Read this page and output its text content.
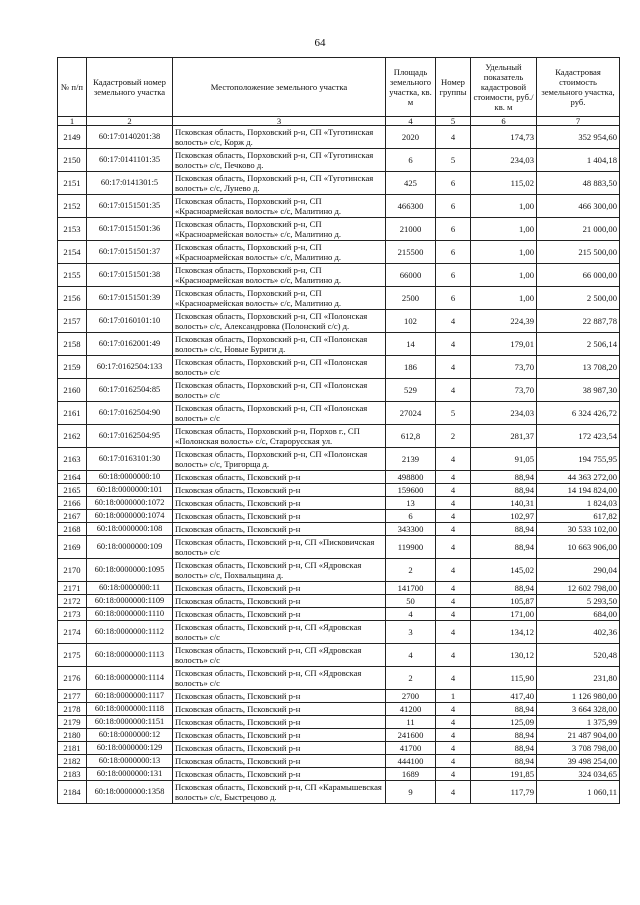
64
№ п/п	Кадастровый номер земельного участка	Местоположение земельного участка	Площадь земельного участка, кв. м	Номер группы	Удельный показатель кадастровой стоимости, руб./кв. м	Кадастровая стоимость земельного участка, руб.
1	2	3	4	5	6	7
2149	60:17:0140201:38	Псковская область, Порховский р-н, СП «Туготинская волость» с/с, Корж д.	2020	4	174,73	352 954,60
2150	60:17:0141101:35	Псковская область, Порховский р-н, СП «Туготинская волость» с/с, Печково д.	6	5	234,03	1 404,18
2151	60:17:0141301:5	Псковская область, Порховский р-н, СП «Туготинская волость» с/с, Лунево д.	425	6	115,02	48 883,50
2152	60:17:0151501:35	Псковская область, Порховский р-н, СП «Красноармейская волость» с/с, Малитино д.	466300	6	1,00	466 300,00
2153	60:17:0151501:36	Псковская область, Порховский р-н, СП «Красноармейская волость» с/с, Малитино д.	21000	6	1,00	21 000,00
2154	60:17:0151501:37	Псковская область, Порховский р-н, СП «Красноармейская волость» с/с, Малитино д.	215500	6	1,00	215 500,00
2155	60:17:0151501:38	Псковская область, Порховский р-н, СП «Красноармейская волость» с/с, Малитино д.	66000	6	1,00	66 000,00
2156	60:17:0151501:39	Псковская область, Порховский р-н, СП «Красноармейская волость» с/с, Малитино д.	2500	6	1,00	2 500,00
2157	60:17:0160101:10	Псковская область, Порховский р-н, СП «Полонская волость» с/с, Александровка (Полонский с/с) д.	102	4	224,39	22 887,78
2158	60:17:0162001:49	Псковская область, Порховский р-н, СП «Полонская волость» с/с, Новые Буриги д.	14	4	179,01	2 506,14
2159	60:17:0162504:133	Псковская область, Порховский р-н, СП «Полонская волость» с/с	186	4	73,70	13 708,20
2160	60:17:0162504:85	Псковская область, Порховский р-н, СП «Полонская волость» с/с	529	4	73,70	38 987,30
2161	60:17:0162504:90	Псковская область, Порховский р-н, СП «Полонская волость» с/с	27024	5	234,03	6 324 426,72
2162	60:17:0162504:95	Псковская область, Порховский р-н, Порхов г., СП «Полонская волость» с/с, Старорусская ул.	612,8	2	281,37	172 423,54
2163	60:17:0163101:30	Псковская область, Порховский р-н, СП «Полонская волость» с/с, Тригорща д.	2139	4	91,05	194 755,95
2164	60:18:0000000:10	Псковская область, Псковский р-н	498800	4	88,94	44 363 272,00
2165	60:18:0000000:101	Псковская область, Псковский р-н	159600	4	88,94	14 194 824,00
2166	60:18:0000000:1072	Псковская область, Псковский р-н	13	4	140,31	1 824,03
2167	60:18:0000000:1074	Псковская область, Псковский р-н	6	4	102,97	617,82
2168	60:18:0000000:108	Псковская область, Псковский р-н	343300	4	88,94	30 533 102,00
2169	60:18:0000000:109	Псковская область, Псковский р-н, СП «Писковичская волость» с/с	119900	4	88,94	10 663 906,00
2170	60:18:0000000:1095	Псковская область, Псковский р-н, СП «Ядровская волость» с/с, Похвальщина д.	2	4	145,02	290,04
2171	60:18:0000000:11	Псковская область, Псковский р-н	141700	4	88,94	12 602 798,00
2172	60:18:0000000:1109	Псковская область, Псковский р-н	50	4	105,87	5 293,50
2173	60:18:0000000:1110	Псковская область, Псковский р-н	4	4	171,00	684,00
2174	60:18:0000000:1112	Псковская область, Псковский р-н, СП «Ядровская волость» с/с	3	4	134,12	402,36
2175	60:18:0000000:1113	Псковская область, Псковский р-н, СП «Ядровская волость» с/с	4	4	130,12	520,48
2176	60:18:0000000:1114	Псковская область, Псковский р-н, СП «Ядровская волость» с/с	2	4	115,90	231,80
2177	60:18:0000000:1117	Псковская область, Псковский р-н	2700	1	417,40	1 126 980,00
2178	60:18:0000000:1118	Псковская область, Псковский р-н	41200	4	88,94	3 664 328,00
2179	60:18:0000000:1151	Псковская область, Псковский р-н	11	4	125,09	1 375,99
2180	60:18:0000000:12	Псковская область, Псковский р-н	241600	4	88,94	21 487 904,00
2181	60:18:0000000:129	Псковская область, Псковский р-н	41700	4	88,94	3 708 798,00
2182	60:18:0000000:13	Псковская область, Псковский р-н	444100	4	88,94	39 498 254,00
2183	60:18:0000000:131	Псковская область, Псковский р-н	1689	4	191,85	324 034,65
2184	60:18:0000000:1358	Псковская область, Псковский р-н, СП «Карамышевская волость» с/с, Быстрецово д.	9	4	117,79	1 060,11
